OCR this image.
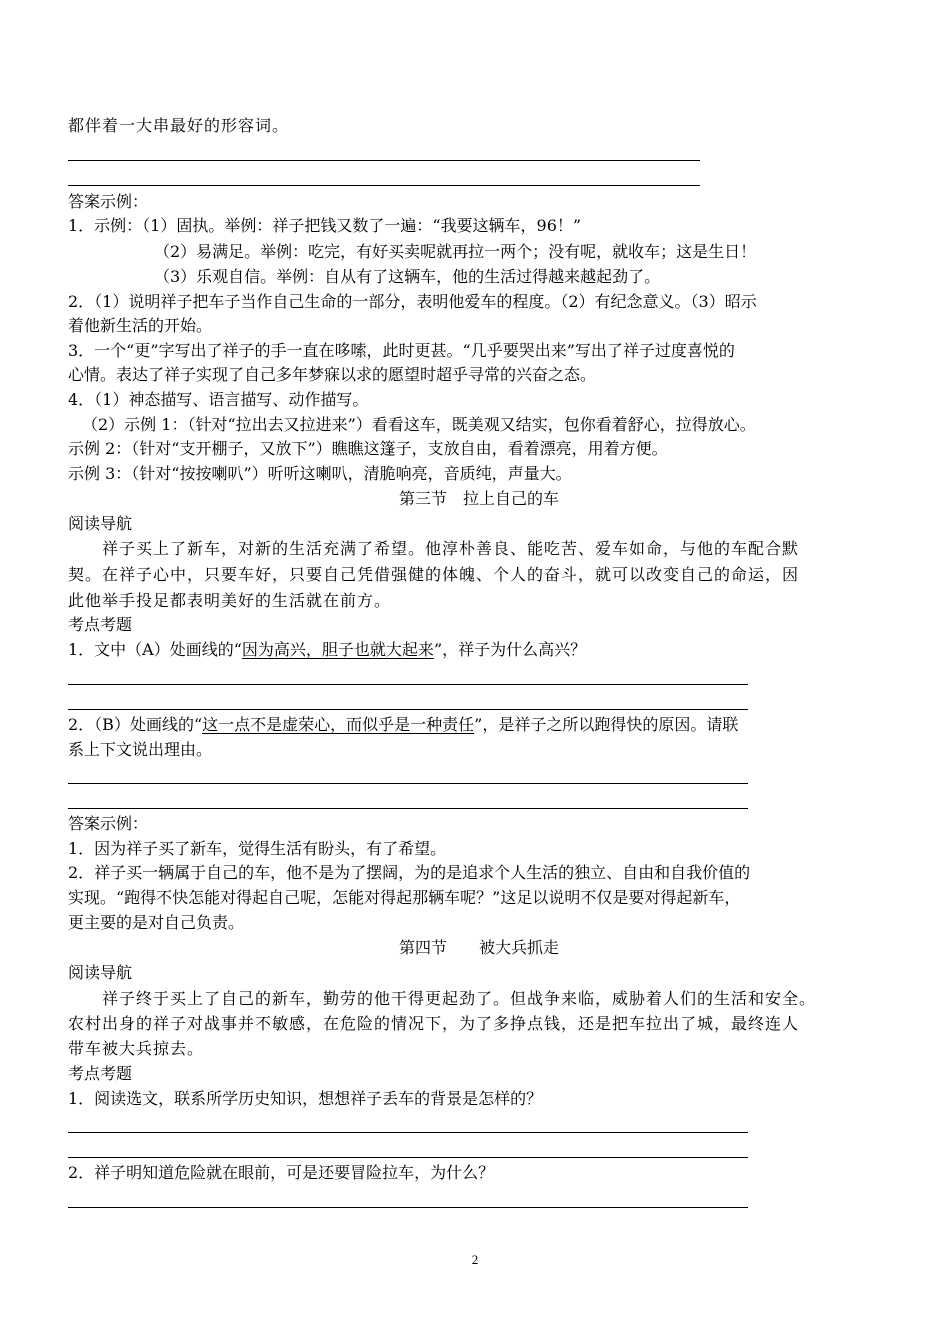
都伴着一大串最好的形容词。
答案示例：
1．示例：（1）固执。举例：祥子把钱又数了一遍：“我要这辆车，96！”
（2）易满足。举例：吃完，有好买卖呢就再拉一两个；没有呢，就收车；这是生日！
（3）乐观自信。举例：自从有了这辆车，他的生活过得越来越起劲了。
2．（1）说明祥子把车子当作自己生命的一部分，表明他爱车的程度。（2）有纪念意义。（3）昭示
着他新生活的开始。
3．一个“更”字写出了祥子的手一直在哆嗦，此时更甚。“几乎要哭出来”写出了祥子过度喜悦的
心情。表达了祥子实现了自己多年梦寐以求的愿望时超乎寻常的兴奋之态。
4．（1）神态描写、语言描写、动作描写。
（2）示例 1：（针对“拉出去又拉进来”）看看这车，既美观又结实，包你看着舒心，拉得放心。
示例 2：（针对“支开棚子，又放下”）瞧瞧这篷子，支放自由，看着漂亮，用着方便。
示例 3：（针对“按按喇叭”）听听这喇叭，清脆响亮，音质纯，声量大。
第三节　拉上自己的车
阅读导航
祥子买上了新车，对新的生活充满了希望。他淳朴善良、能吃苦、爱车如命，与他的车配合默
契。在祥子心中，只要车好，只要自己凭借强健的体魄、个人的奋斗，就可以改变自己的命运，因
此他举手投足都表明美好的生活就在前方。
考点考题
1．文中（A）处画线的“因为高兴，胆子也就大起来”，祥子为什么高兴？
2．（B）处画线的“这一点不是虚荣心，而似乎是一种责任”，是祥子之所以跑得快的原因。请联
系上下文说出理由。
答案示例：
1．因为祥子买了新车，觉得生活有盼头，有了希望。
2．祥子买一辆属于自己的车，他不是为了摆阔，为的是追求个人生活的独立、自由和自我价值的
实现。“跑得不快怎能对得起自己呢，怎能对得起那辆车呢？”这足以说明不仅是要对得起新车，
更主要的是对自己负责。
第四节　　被大兵抓走
阅读导航
祥子终于买上了自己的新车，勤劳的他干得更起劲了。但战争来临，威胁着人们的生活和安全。
农村出身的祥子对战事并不敏感，在危险的情况下，为了多挣点钱，还是把车拉出了城，最终连人
带车被大兵掠去。
考点考题
1．阅读选文，联系所学历史知识，想想祥子丢车的背景是怎样的？
2．祥子明知道危险就在眼前，可是还要冒险拉车，为什么？
2
